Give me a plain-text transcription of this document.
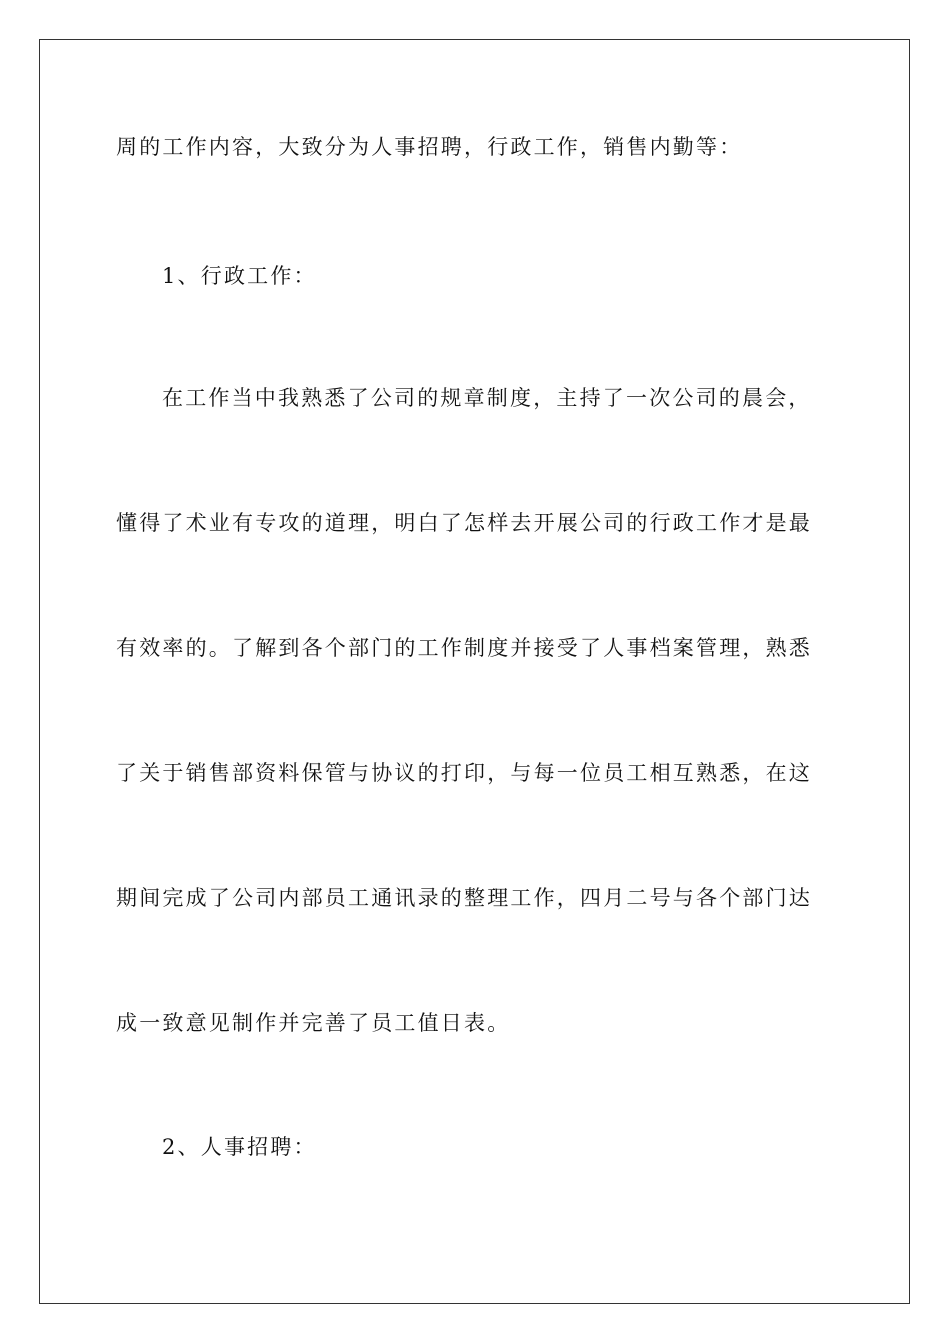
周的工作内容，大致分为人事招聘，行政工作，销售内勤等：
1、行政工作：
在工作当中我熟悉了公司的规章制度，主持了一次公司的晨会，
懂得了术业有专攻的道理，明白了怎样去开展公司的行政工作才是最
有效率的。了解到各个部门的工作制度并接受了人事档案管理，熟悉
了关于销售部资料保管与协议的打印，与每一位员工相互熟悉，在这
期间完成了公司内部员工通讯录的整理工作，四月二号与各个部门达
成一致意见制作并完善了员工值日表。
2、人事招聘：
